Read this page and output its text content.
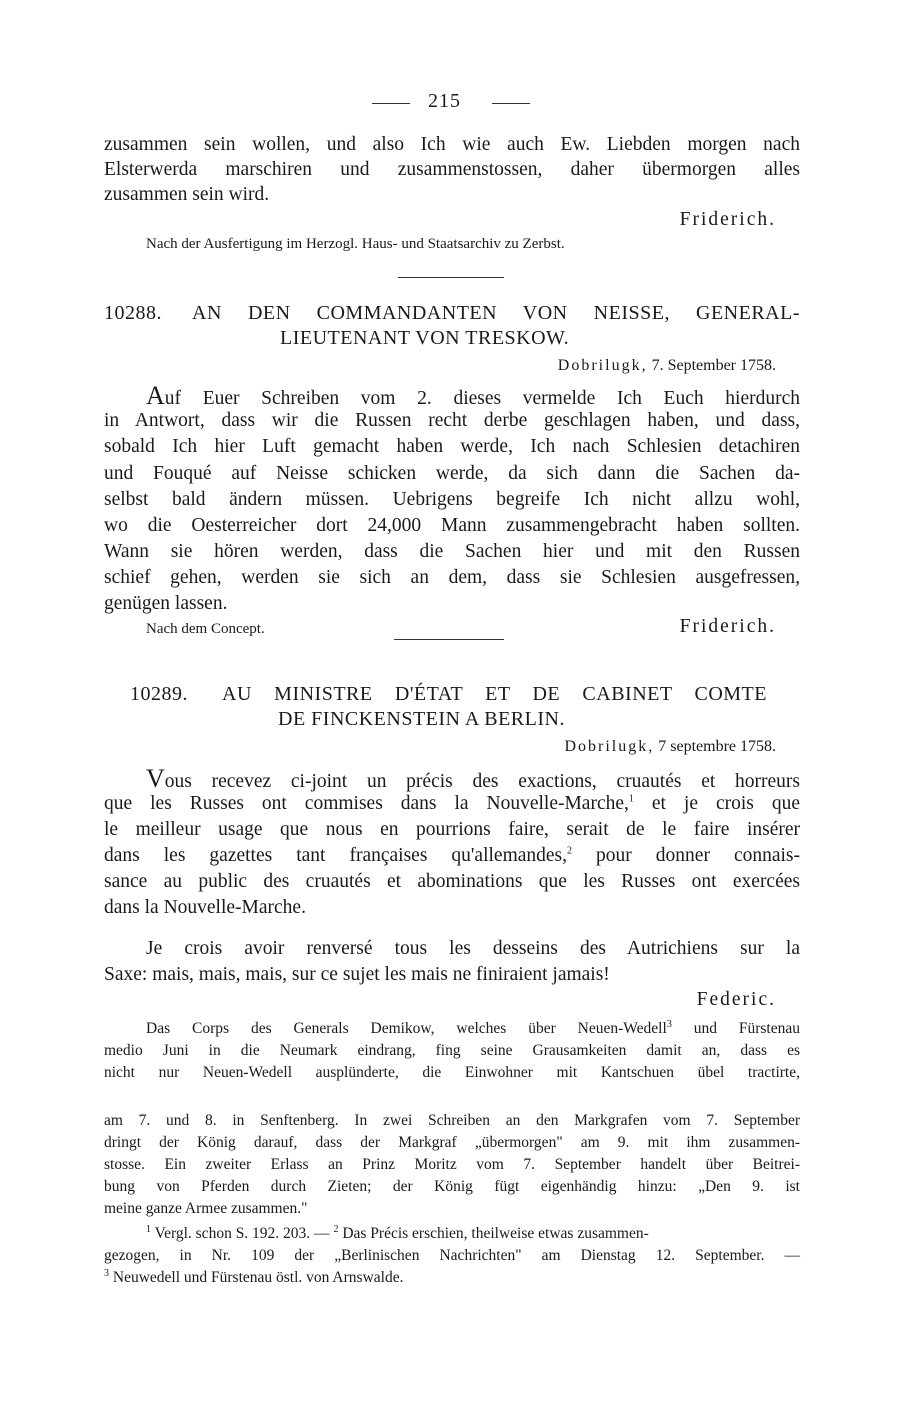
215
zusammen sein wollen, und also Ich wie auch Ew. Liebden morgen nach
Elsterwerda marschiren und zusammenstossen, daher übermorgen alles
zusammen sein wird.
Friderich.
Nach der Ausfertigung im Herzogl. Haus- und Staatsarchiv zu Zerbst.
10288. AN DEN COMMANDANTEN VON NEISSE, GENERAL-
LIEUTENANT VON TRESKOW.
Dobrilugk, 7. September 1758.
Auf Euer Schreiben vom 2. dieses vermelde Ich Euch hierdurch
in Antwort, dass wir die Russen recht derbe geschlagen haben, und dass,
sobald Ich hier Luft gemacht haben werde, Ich nach Schlesien detachiren
und Fouqué auf Neisse schicken werde, da sich dann die Sachen da-
selbst bald ändern müssen. Uebrigens begreife Ich nicht allzu wohl,
wo die Oesterreicher dort 24,000 Mann zusammengebracht haben sollten.
Wann sie hören werden, dass die Sachen hier und mit den Russen
schief gehen, werden sie sich an dem, dass sie Schlesien ausgefressen,
genügen lassen.
Nach dem Concept.	Friderich.
10289. AU MINISTRE D'ÉTAT ET DE CABINET COMTE
DE FINCKENSTEIN A BERLIN.
Dobrilugk, 7 septembre 1758.
Vous recevez ci-joint un précis des exactions, cruautés et horreurs
que les Russes ont commises dans la Nouvelle-Marche,$^1$ et je crois que
le meilleur usage que nous en pourrions faire, serait de le faire insérer
dans les gazettes tant françaises qu'allemandes,$^2$ pour donner connais-
sance au public des cruautés et abominations que les Russes ont exercées
dans la Nouvelle-Marche.
Je crois avoir renversé tous les desseins des Autrichiens sur la
Saxe: mais, mais, mais, sur ce sujet les mais ne finiraient jamais!
Federic.
Das Corps des Generals Demikow, welches über Neuen-Wedell$^3$ und Fürstenau
medio Juni in die Neumark eindrang, fing seine Grausamkeiten damit an, dass es
nicht nur Neuen-Wedell ausplünderte, die Einwohner mit Kantschuen übel tractirte,
am 7. und 8. in Senftenberg. In zwei Schreiben an den Markgrafen vom 7. September
dringt der König darauf, dass der Markgraf „übermorgen" am 9. mit ihm zusammen-
stosse. Ein zweiter Erlass an Prinz Moritz vom 7. September handelt über Beitrei-
bung von Pferden durch Zieten; der König fügt eigenhändig hinzu: „Den 9. ist
meine ganze Armee zusammen."
$^1$ Vergl. schon S. 192. 203. — $^2$ Das Précis erschien, theilweise etwas zusammen-
gezogen, in Nr. 109 der „Berlinischen Nachrichten" am Dienstag 12. September. —
$^3$ Neuwedell und Fürstenau östl. von Arnswalde.
